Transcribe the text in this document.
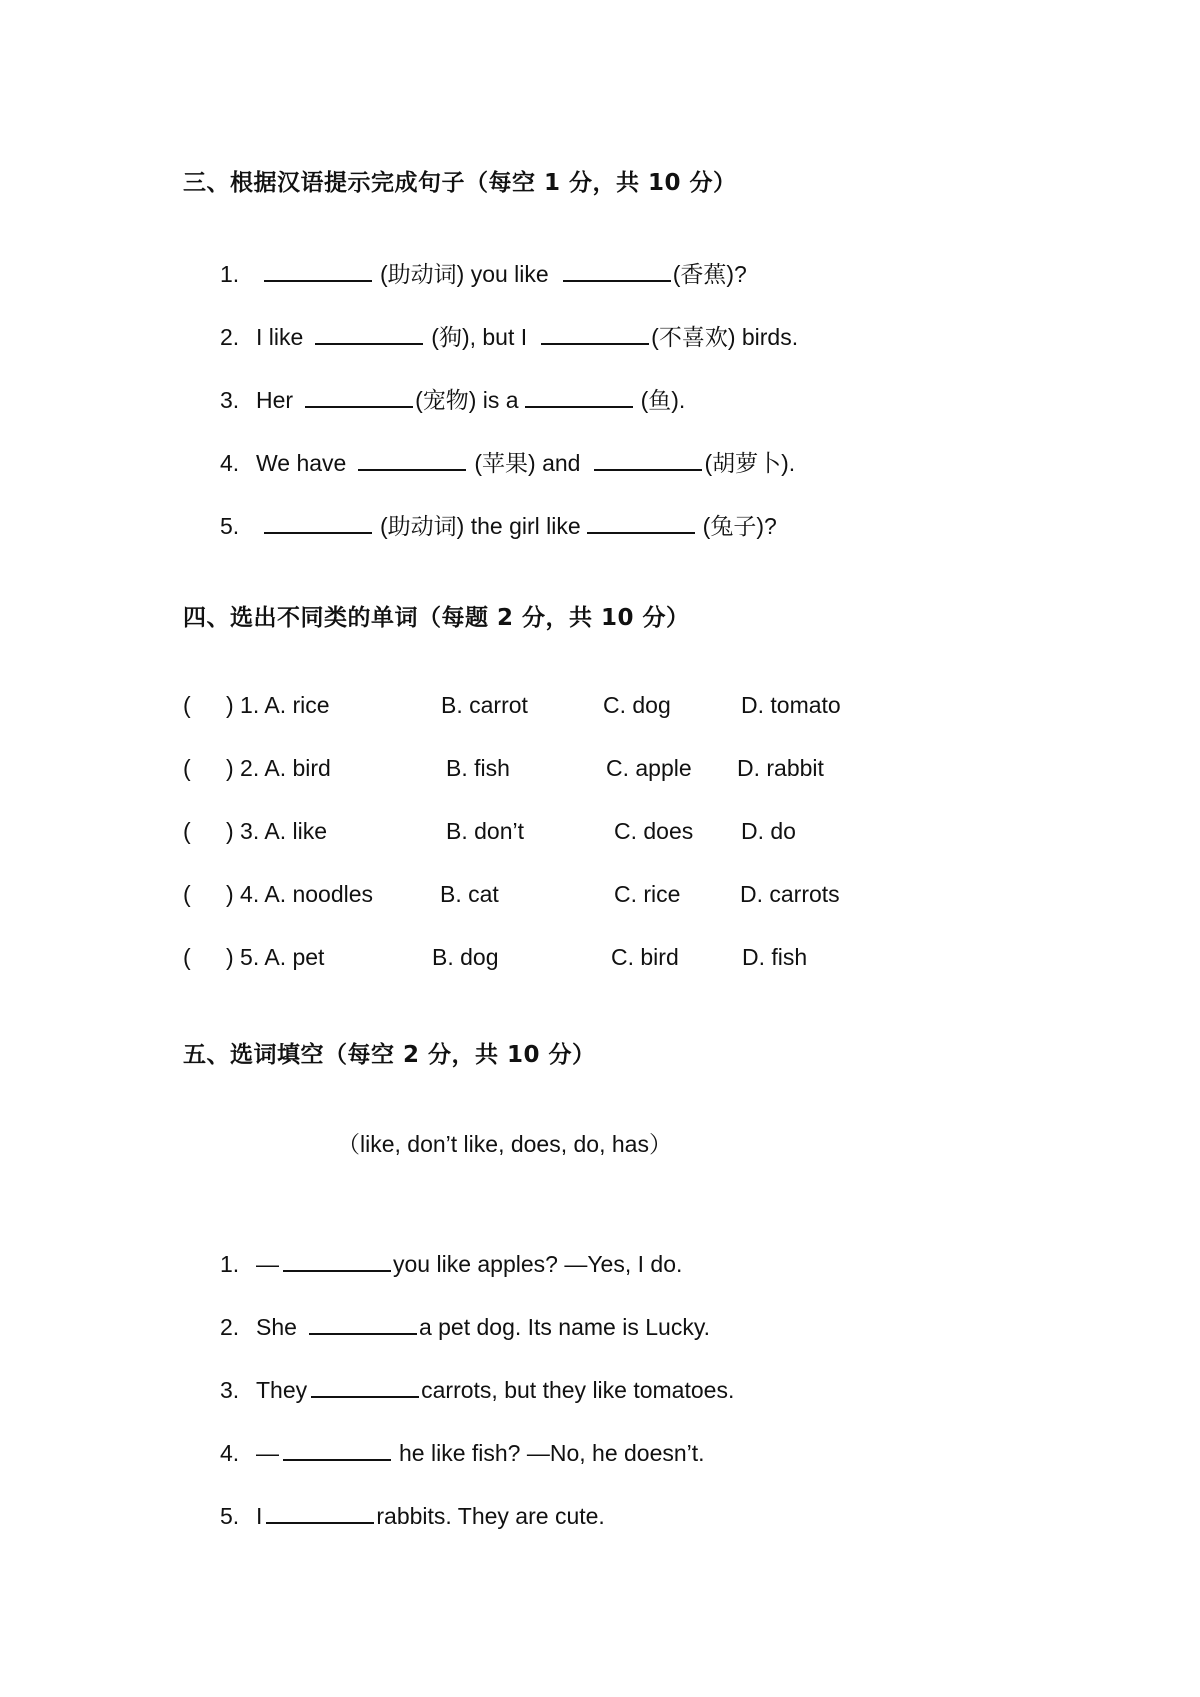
三、根据汉语提示完成句子（每空 1 分，共 10 分）
1.	(助动词) you like	(香蕉)?
2. I like	(狗), but I	(不喜欢) birds.
3. Her	(宠物) is a	(鱼).
4. We have	(苹果) and	(胡萝卜).
5.	(助动词) the girl like	(兔子)?
四、选出不同类的单词（每题 2 分，共 10 分）
( ) 1. A. rice	B. carrot	C. dog	D. tomato
( ) 2. A. bird	B. fish	C. apple D. rabbit
( ) 3. A. like	B. don’t	C. does D. do
( ) 4. A. noodles	B. cat	C. rice	D. carrots
( ) 5. A. pet	B. dog	C. bird	D. fish
五、选词填空（每空 2 分，共 10 分）
（like, don’t like, does, do, has）
1. —	you like apples? —Yes, I do.
2. She	a pet dog. Its name is Lucky.
3. They	carrots, but they like tomatoes.
4. —	he like fish? —No, he doesn’t.
5. I	rabbits. They are cute.
